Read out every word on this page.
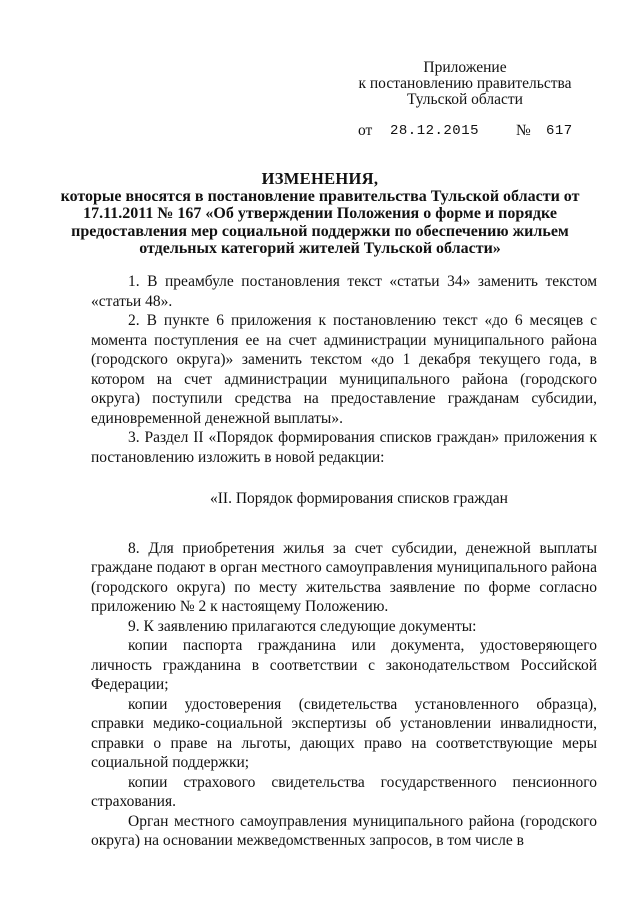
Приложение
к постановлению правительства
Тульской области
от 28.12.2015 № 617
ИЗМЕНЕНИЯ,
которые вносятся в постановление правительства Тульской области от
17.11.2011 № 167 «Об утверждении Положения о форме и порядке
предоставления мер социальной поддержки по обеспечению жильем
отдельных категорий жителей Тульской области»

1. В преамбуле постановления текст «статьи 34» заменить текстом «статьи 48».

2. В пункте 6 приложения к постановлению текст «до 6 месяцев с момента поступления ее на счет администрации муниципального района (городского округа)» заменить текстом «до 1 декабря текущего года, в котором на счет администрации муниципального района (городского округа) поступили средства на предоставление гражданам субсидии, единовременной денежной выплаты».

3. Раздел II «Порядок формирования списков граждан» приложения к постановлению изложить в новой редакции:

«II. Порядок формирования списков граждан

8. Для приобретения жилья за счет субсидии, денежной выплаты граждане подают в орган местного самоуправления муниципального района (городского округа) по месту жительства заявление по форме согласно приложению № 2 к настоящему Положению.

9. К заявлению прилагаются следующие документы:

копии паспорта гражданина или документа, удостоверяющего личность гражданина в соответствии с законодательством Российской Федерации;

копии удостоверения (свидетельства установленного образца), справки медико-социальной экспертизы об установлении инвалидности, справки о праве на льготы, дающих право на соответствующие меры социальной поддержки;

копии страхового свидетельства государственного пенсионного страхования.

Орган местного самоуправления муниципального района (городского округа) на основании межведомственных запросов, в том числе в
